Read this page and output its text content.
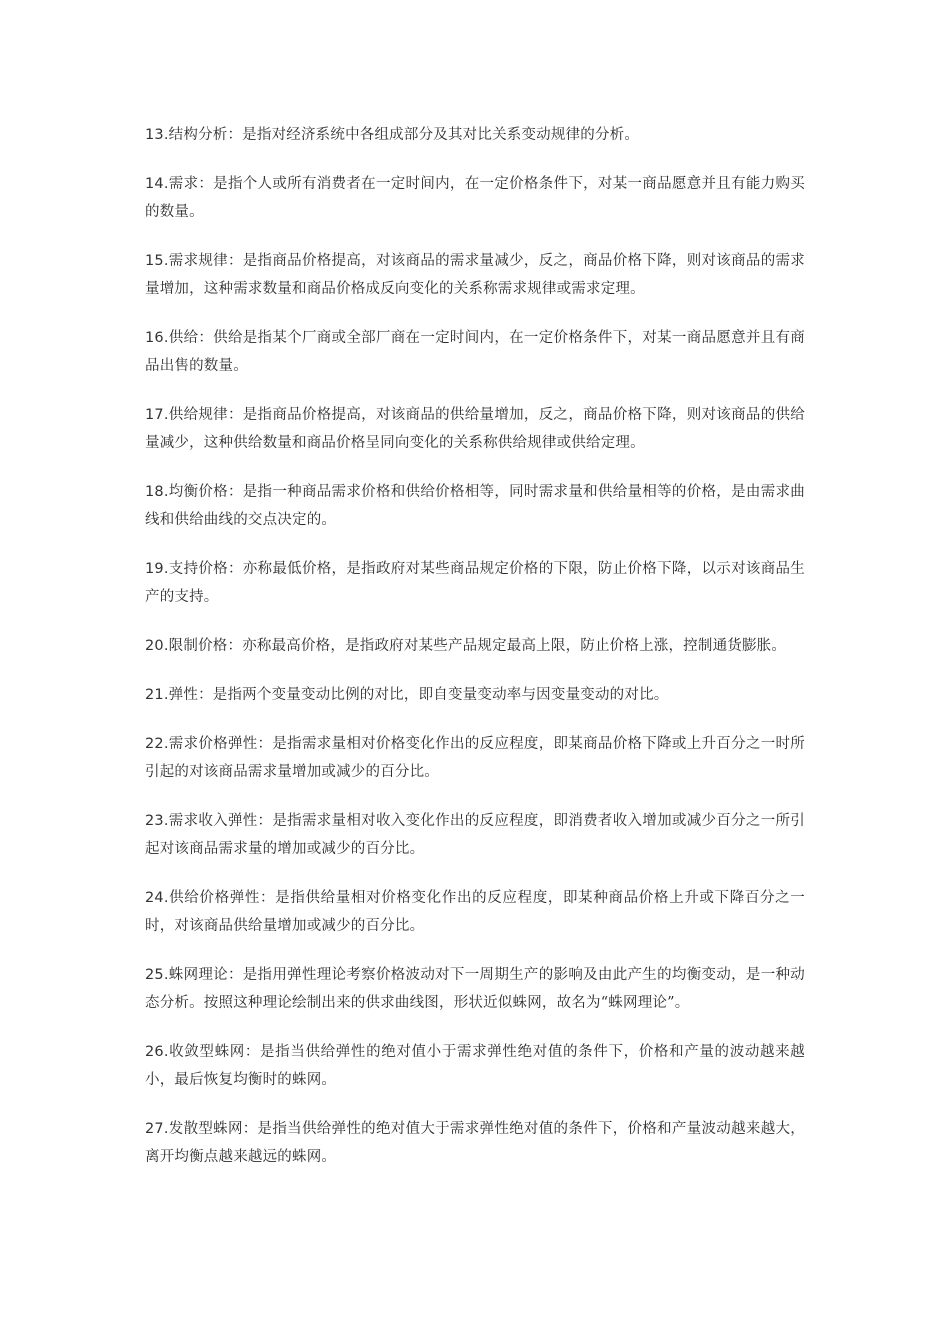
13.结构分析：是指对经济系统中各组成部分及其对比关系变动规律的分析。

14.需求：是指个人或所有消费者在一定时间内，在一定价格条件下，对某一商品愿意并且有能力购买的数量。

15.需求规律：是指商品价格提高，对该商品的需求量减少，反之，商品价格下降，则对该商品的需求量增加，这种需求数量和商品价格成反向变化的关系称需求规律或需求定理。

16.供给：供给是指某个厂商或全部厂商在一定时间内，在一定价格条件下，对某一商品愿意并且有商品出售的数量。

17.供给规律：是指商品价格提高，对该商品的供给量增加，反之，商品价格下降，则对该商品的供给量减少，这种供给数量和商品价格呈同向变化的关系称供给规律或供给定理。

18.均衡价格：是指一种商品需求价格和供给价格相等，同时需求量和供给量相等的价格，是由需求曲线和供给曲线的交点决定的。

19.支持价格：亦称最低价格，是指政府对某些商品规定价格的下限，防止价格下降，以示对该商品生产的支持。

20.限制价格：亦称最高价格，是指政府对某些产品规定最高上限，防止价格上涨，控制通货膨胀。

21.弹性：是指两个变量变动比例的对比，即自变量变动率与因变量变动的对比。

22.需求价格弹性：是指需求量相对价格变化作出的反应程度，即某商品价格下降或上升百分之一时所引起的对该商品需求量增加或减少的百分比。

23.需求收入弹性：是指需求量相对收入变化作出的反应程度，即消费者收入增加或减少百分之一所引起对该商品需求量的增加或减少的百分比。

24.供给价格弹性：是指供给量相对价格变化作出的反应程度，即某种商品价格上升或下降百分之一时，对该商品供给量增加或减少的百分比。

25.蛛网理论：是指用弹性理论考察价格波动对下一周期生产的影响及由此产生的均衡变动，是一种动态分析。按照这种理论绘制出来的供求曲线图，形状近似蛛网，故名为“蛛网理论”。

26.收敛型蛛网：是指当供给弹性的绝对值小于需求弹性绝对值的条件下，价格和产量的波动越来越小，最后恢复均衡时的蛛网。

27.发散型蛛网：是指当供给弹性的绝对值大于需求弹性绝对值的条件下，价格和产量波动越来越大，离开均衡点越来越远的蛛网。
